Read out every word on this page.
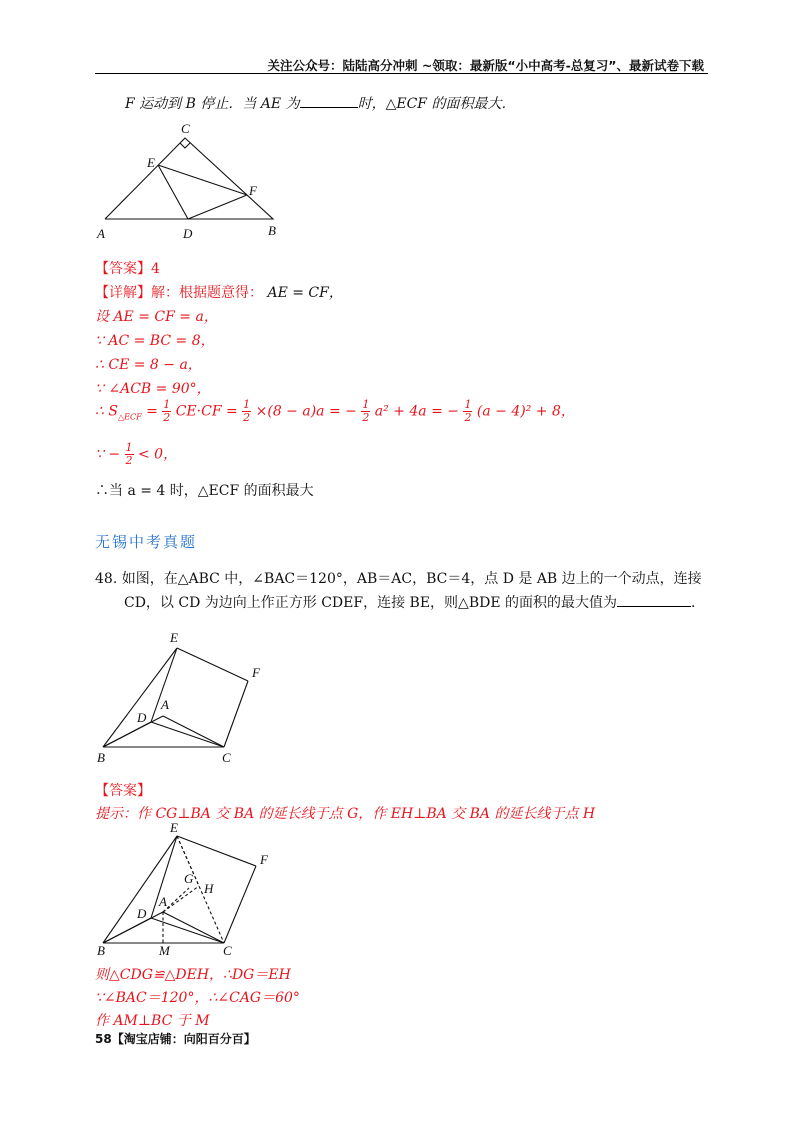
关注公众号：陆陆高分冲刺 ~领取：最新版“小中高考-总复习”、最新试卷下载
F 运动到 B 停止．当 AE 为	时，△ECF 的面积最大．
A	B
C
D
E
F
【答案】4
【详解】解：根据题意得： AE = CF，
设 AE = CF = a，
∵ AC = BC = 8，
∴ CE = 8 − a，
∵ ∠ACB = 90°，
∴ $S_{\triangle ECF} = \frac{1}{2} CE\cdot CF = \frac{1}{2} \times(8 - a)a$ = − $\frac{1}{2} a^2 + 4a$ = − $\frac{1}{2} (a - 4)^2 + 8$，
∵ − $\frac{1}{2} < 0$，
∴当 a = 4 时，△ECF 的面积最大
无锡中考真题
48. 如图，在△ABC 中，∠BAC＝120°，AB＝AC，BC＝4，点 D 是 AB 边上的一个动点，连接
CD，以 CD 为边向上作正方形 CDEF，连接 BE，则△BDE 的面积的最大值为	．
E
F
A
D
B	C
【答案】
提示：作 CG⊥BA 交 BA 的延长线于点 G，作 EH⊥BA 交 BA 的延长线于点 H
E
F
G
H
A
D
B	M	C
则△CDG≌△DEH，∴DG＝EH
∵∠BAC＝120°，∴∠CAG＝60°
作 AM⊥BC 于 M
58【淘宝店铺：向阳百分百】
